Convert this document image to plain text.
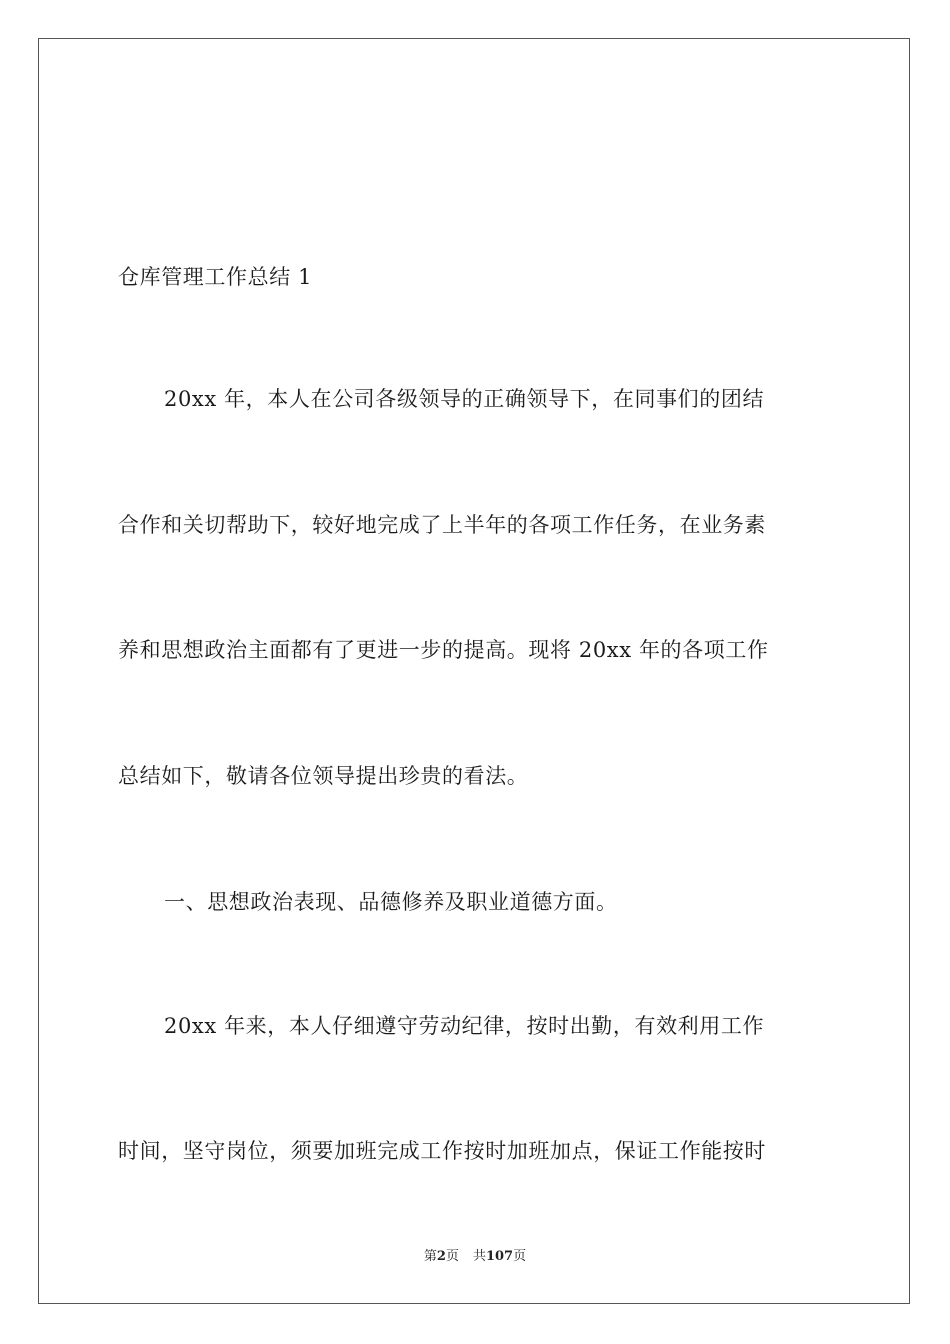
仓库管理工作总结 1
20xx 年，本人在公司各级领导的正确领导下，在同事们的团结
合作和关切帮助下，较好地完成了上半年的各项工作任务，在业务素
养和思想政治主面都有了更进一步的提高。现将 20xx 年的各项工作
总结如下，敬请各位领导提出珍贵的看法。
一、思想政治表现、品德修养及职业道德方面。
20xx 年来，本人仔细遵守劳动纪律，按时出勤，有效利用工作
时间，坚守岗位，须要加班完成工作按时加班加点，保证工作能按时
第2页 共107页
